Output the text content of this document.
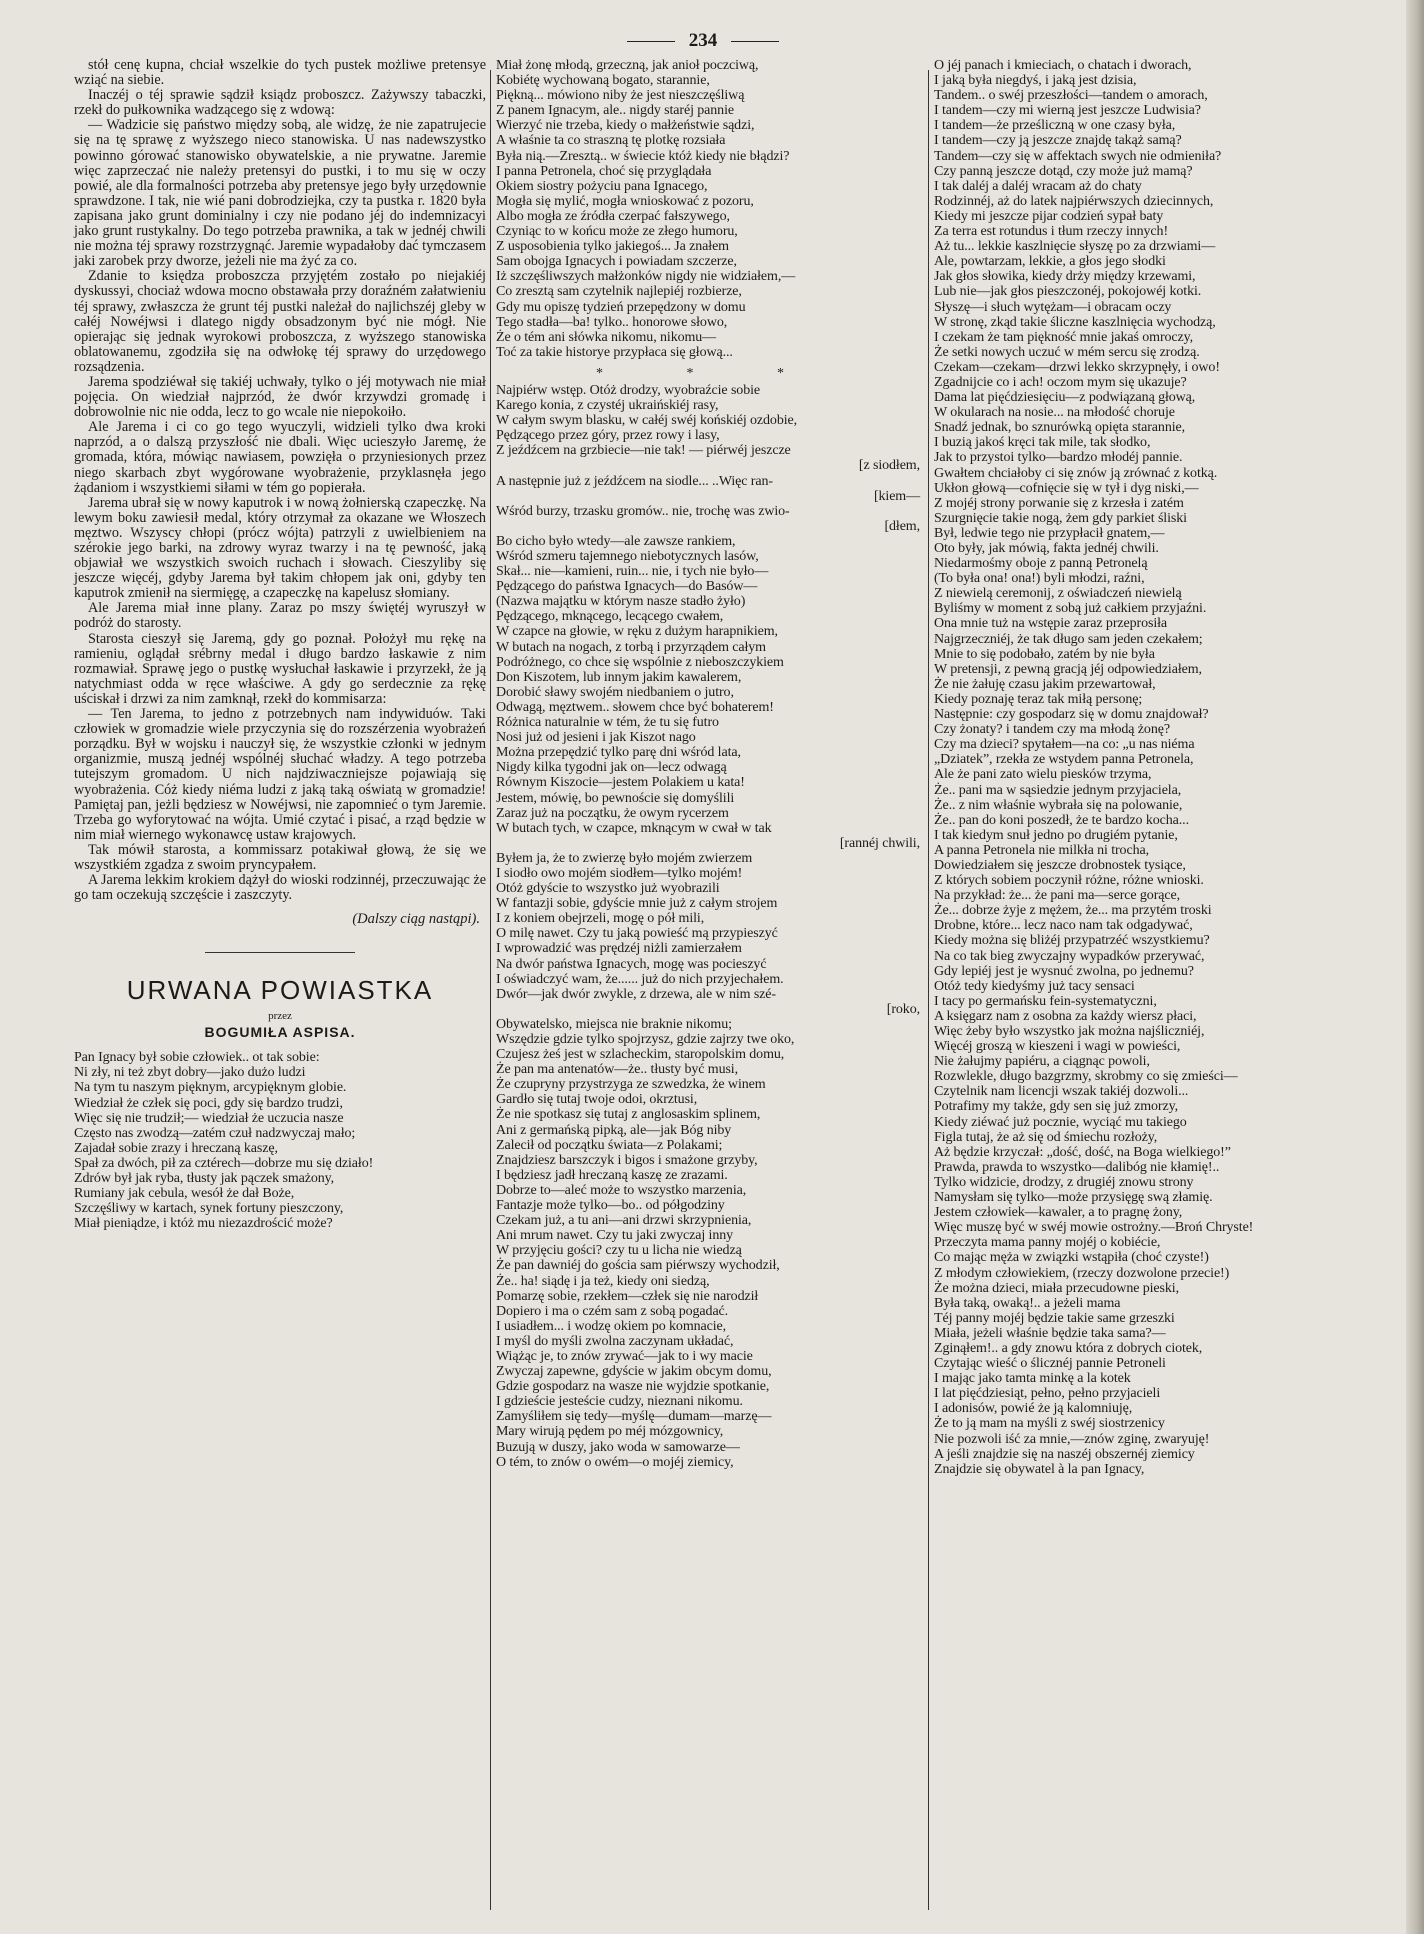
234

stół cenę kupna, chciał wszelkie do tych pustek możliwe pretensye wziąć na siebie.

Inaczéj o téj sprawie sądził ksiądz proboszcz. Zażywszy tabaczki, rzekł do pułkownika wadzącego się z wdową:

— Wadzicie się państwo między sobą, ale widzę, że nie zapatrujecie się na tę sprawę z wyższego nieco stanowiska. U nas nadewszystko powinno górować stanowisko obywatelskie, a nie prywatne. Jaremie więc zaprzeczać nie należy pretensyi do pustki, i to mu się w oczy powié, ale dla formalności potrzeba aby pretensye jego były urzędownie sprawdzone. I tak, nie wié pani dobrodziejka, czy ta pustka r. 1820 była zapisana jako grunt dominialny i czy nie podano jéj do indemnizacyi jako grunt rustykalny. Do tego potrzeba prawnika, a tak w jednéj chwili nie można téj sprawy rozstrzygnąć. Jaremie wypadałoby dać tymczasem jaki zarobek przy dworze, jeżeli nie ma żyć za co.

Zdanie to księdza proboszcza przyjętém zostało po niejakiéj dyskussyi, chociaż wdowa mocno obstawała przy doraźném załatwieniu téj sprawy, zwłaszcza że grunt téj pustki należał do najlichszéj gleby w całéj Nowéjwsi i dlatego nigdy obsadzonym być nie mógł. Nie opierając się jednak wyrokowi proboszcza, z wyższego stanowiska oblatowanemu, zgodziła się na odwłokę téj sprawy do urzędowego rozsądzenia.

Jarema spodziéwał się takiéj uchwały, tylko o jéj motywach nie miał pojęcia. On wiedział najprzód, że dwór krzywdzi gromadę i dobrowolnie nic nie odda, lecz to go wcale nie niepokoiło.

Ale Jarema i ci co go tego wyuczyli, widzieli tylko dwa kroki naprzód, a o dalszą przyszłość nie dbali. Więc ucieszyło Jaremę, że gromada, która, mówiąc nawiasem, powzięła o przyniesionych przez niego skarbach zbyt wygórowane wyobrażenie, przyklasnęła jego żądaniom i wszystkiemi siłami w tém go popierała.

Jarema ubrał się w nowy kaputrok i w nową żołnierską czapeczkę. Na lewym boku zawiesił medal, który otrzymał za okazane we Włoszech męztwo. Wszyscy chłopi (prócz wójta) patrzyli z uwielbieniem na szérokie jego barki, na zdrowy wyraz twarzy i na tę pewność, jaką objawiał we wszystkich swoich ruchach i słowach. Cieszyliby się jeszcze więcéj, gdyby Jarema był takim chłopem jak oni, gdyby ten kaputrok zmienił na siermięgę, a czapeczkę na kapelusz słomiany.

Ale Jarema miał inne plany. Zaraz po mszy świętéj wyruszył w podróż do starosty.

Starosta cieszył się Jaremą, gdy go poznał. Położył mu rękę na ramieniu, oglądał srébrny medal i długo bardzo łaskawie z nim rozmawiał. Sprawę jego o pustkę wysłuchał łaskawie i przyrzekł, że ją natychmiast odda w ręce właściwe. A gdy go serdecznie za rękę uściskał i drzwi za nim zamknął, rzekł do kommisarza:

— Ten Jarema, to jedno z potrzebnych nam indywiduów. Taki człowiek w gromadzie wiele przyczynia się do rozszérzenia wyobrażeń porządku. Był w wojsku i nauczył się, że wszystkie członki w jednym organizmie, muszą jednéj wspólnéj słuchać władzy. A tego potrzeba tutejszym gromadom. U nich najdziwaczniejsze pojawiają się wyobrażenia. Cóż kiedy niéma ludzi z jaką taką oświatą w gromadzie! Pamiętaj pan, jeżli będziesz w Nowéjwsi, nie zapomnieć o tym Jaremie. Trzeba go wyforytować na wójta. Umié czytać i pisać, a rząd będzie w nim miał wiernego wykonawcę ustaw krajowych.

Tak mówił starosta, a kommissarz potakiwał głową, że się we wszystkiém zgadza z swoim pryncypałem.

A Jarema lekkim krokiem dążył do wioski rodzinnéj, przeczuwając że go tam oczekują szczęście i zaszczyty.

(Dalszy ciąg nastąpi).
URWANA POWIASTKA
przez
BOGUMIŁA ASPISA.
Pan Ignacy był sobie człowiek.. ot tak sobie:
Ni zły, ni też zbyt dobry—jako dużo ludzi
Na tym tu naszym pięknym, arcypięknym globie.
Wiedział że człek się poci, gdy się bardzo trudzi,
Więc się nie trudził;— wiedział że uczucia nasze
Często nas zwodzą—zatém czuł nadzwyczaj mało;
Zajadał sobie zrazy i hreczaną kaszę,
Spał za dwóch, pił za cztérech—dobrze mu się działo!
Zdrów był jak ryba, tłusty jak pączek smażony,
Rumiany jak cebula, wesół że dał Boże,
Szczęśliwy w kartach, synek fortuny pieszczony,
Miał pieniądze, i któż mu niezazdrościć może?
Miał żonę młodą, grzeczną, jak anioł poczciwą,
Kobiétę wychowaną bogato, starannie,
Piękną... mówiono niby że jest nieszczęśliwą
Z panem Ignacym, ale.. nigdy staréj pannie
Wierzyć nie trzeba, kiedy o małżeństwie sądzi,
A właśnie ta co straszną tę plotkę rozsiała
Była nią.—Zresztą.. w świecie któż kiedy nie błądzi?
I panna Petronela, choć się przyglądała
Okiem siostry pożyciu pana Ignacego,
Mogła się mylić, mogła wnioskować z pozoru,
Albo mogła ze źródła czerpać fałszywego,
Czyniąc to w końcu może ze złego humoru,
Z usposobienia tylko jakiegoś... Ja znałem
Sam obojga Ignacych i powiadam szczerze,
Iż szczęśliwszych małżonków nigdy nie widziałem,—
Co zresztą sam czytelnik najlepiéj rozbierze,
Gdy mu opiszę tydzień przepędzony w domu
Tego stadła—ba! tylko.. honorowe słowo,
Że o tém ani słówka nikomu, nikomu—
Toć za takie historye przypłaca się głową...
* * *
Najpiérw wstęp. Otóż drodzy, wyobraźcie sobie
Karego konia, z czystéj ukraińskiéj rasy,
W całym swym blasku, w całéj swéj końskiéj ozdobie,
Pędzącego przez góry, przez rowy i lasy,
Z jeźdźcem na grzbiecie—nie tak! — piérwéj jeszcze
[z siodłem,
A następnie już z jeźdźcem na siodle... ..Więc ran-
[kiem—
Wśród burzy, trzasku gromów.. nie, trochę was zwio-
[dłem,
Bo cicho było wtedy—ale zawsze rankiem,
Wśród szmeru tajemnego niebotycznych lasów,
Skał... nie—kamieni, ruin... nie, i tych nie było—
Pędzącego do państwa Ignacych—do Basów—
(Nazwa majątku w którym nasze stadło żyło)
Pędzącego, mknącego, lecącego cwałem,
W czapce na głowie, w ręku z dużym harapnikiem,
W butach na nogach, z torbą i przyrządem całym
Podróżnego, co chce się wspólnie z nieboszczykiem
Don Kiszotem, lub innym jakim kawalerem,
Dorobić sławy swojém niedbaniem o jutro,
Odwagą, męztwem.. słowem chce być bohaterem!
Różnica naturalnie w tém, że tu się futro
Nosi już od jesieni i jak Kiszot nago
Można przepędzić tylko parę dni wśród lata,
Nigdy kilka tygodni jak on—lecz odwagą
Równym Kiszocie—jestem Polakiem u kata!
Jestem, mówię, bo pewnoście się domyślili
Zaraz już na początku, że owym rycerzem
W butach tych, w czapce, mknącym w cwał w tak
[rannéj chwili,
Byłem ja, że to zwierzę było mojém zwierzem
I siodło owo mojém siodłem—tylko mojém!
Otóż gdyście to wszystko już wyobrazili
W fantazji sobie, gdyście mnie już z całym strojem
I z koniem obejrzeli, mogę o pół mili,
O milę nawet. Czy tu jaką powieść mą przypieszyć
I wprowadzić was prędzéj niżli zamierzałem
Na dwór państwa Ignacych, mogę was pocieszyć
I oświadczyć wam, że...... już do nich przyjechałem.
Dwór—jak dwór zwykle, z drzewa, ale w nim szé-
[roko,
Obywatelsko, miejsca nie braknie nikomu;
Wszędzie gdzie tylko spojrzysz, gdzie zajrzy twe oko,
Czujesz żeś jest w szlacheckim, staropolskim domu,
Że pan ma antenatów—że.. tłusty być musi,
Że czupryny przystrzyga ze szwedzka, że winem
Gardło się tutaj twoje odoi, okrztusi,
Że nie spotkasz się tutaj z anglosaskim splinem,
Ani z germańską pipką, ale—jak Bóg niby
Zalecił od początku świata—z Polakami;
Znajdziesz barszczyk i bigos i smażone grzyby,
I będziesz jadł hreczaną kaszę ze zrazami.
Dobrze to—aleć może to wszystko marzenia,
Fantazje może tylko—bo.. od półgodziny
Czekam już, a tu ani—ani drzwi skrzypnienia,
Ani mrum nawet. Czy tu jaki zwyczaj inny
W przyjęciu gości? czy tu u licha nie wiedzą
Że pan dawniéj do gościa sam piérwszy wychodził,
Że.. ha! siądę i ja też, kiedy oni siedzą,
Pomarzę sobie, rzekłem—człek się nie narodził
Dopiero i ma o czém sam z sobą pogadać.
I usiadłem... i wodzę okiem po komnacie,
I myśl do myśli zwolna zaczynam układać,
Wiążąc je, to znów zrywać—jak to i wy macie
Zwyczaj zapewne, gdyście w jakim obcym domu,
Gdzie gospodarz na wasze nie wyjdzie spotkanie,
I gdzieście jesteście cudzy, nieznani nikomu.
Zamyśliłem się tedy—myślę—dumam—marzę—
Mary wirują pędem po méj mózgownicy,
Buzują w duszy, jako woda w samowarze—
O tém, to znów o owém—o mojéj ziemicy,
O jéj panach i kmieciach, o chatach i dworach,
I jaką była niegdyś, i jaką jest dzisia,
Tandem.. o swéj przeszłości—tandem o amorach,
I tandem—czy mi wierną jest jeszcze Ludwisia?
I tandem—że prześliczną w one czasy była,
I tandem—czy ją jeszcze znajdę takąż samą?
Tandem—czy się w affektach swych nie odmieniła?
Czy panną jeszcze dotąd, czy może już mamą?
I tak daléj a daléj wracam aż do chaty
Rodzinnéj, aż do latek najpiérwszych dziecinnych,
Kiedy mi jeszcze pijar codzień sypał baty
Za terra est rotundus i tłum rzeczy innych!
Aż tu... lekkie kaszlnięcie słyszę po za drzwiami—
Ale, powtarzam, lekkie, a głos jego słodki
Jak głos słowika, kiedy drży między krzewami,
Lub nie—jak głos pieszczonéj, pokojowéj kotki.
Słyszę—i słuch wytężam—i obracam oczy
W stronę, zkąd takie śliczne kaszlnięcia wychodzą,
I czekam że tam piękność mnie jakaś omroczy,
Że setki nowych uczuć w mém sercu się zrodzą.
Czekam—czekam—drzwi lekko skrzypnęły, i owo!
Zgadnijcie co i ach! oczom mym się ukazuje?
Dama lat pięćdziesięciu—z podwiązaną głową,
W okularach na nosie... na młodość choruje
Snadź jednak, bo sznurówką opięta starannie,
I buzią jakoś kręci tak mile, tak słodko,
Jak to przystoi tylko—bardzo młodéj pannie.
Gwałtem chciałoby ci się znów ją zrównać z kotką.
Ukłon głową—cofnięcie się w tył i dyg niski,—
Z mojéj strony porwanie się z krzesła i zatém
Szurgnięcie takie nogą, żem gdy parkiet śliski
Był, ledwie tego nie przypłacił gnatem,—
Oto były, jak mówią, fakta jednéj chwili.
Niedarmośmy oboje z panną Petronelą
(To była ona! ona!) byli młodzi, raźni,
Z niewielą ceremonij, z oświadczeń niewielą
Byliśmy w moment z sobą już całkiem przyjaźni.
Ona mnie tuż na wstępie zaraz przeprosiła
Najgrzeczniéj, że tak długo sam jeden czekałem;
Mnie to się podobało, zatém by nie była
W pretensji, z pewną gracją jéj odpowiedziałem,
Że nie żałuję czasu jakim przewartował,
Kiedy poznaję teraz tak miłą personę;
Następnie: czy gospodarz się w domu znajdował?
Czy żonaty? i tandem czy ma młodą żonę?
Czy ma dzieci? spytałem—na co: „u nas niéma
„Dziatek”, rzekła ze wstydem panna Petronela,
Ale że pani zato wielu piesków trzyma,
Że.. pani ma w sąsiedzie jednym przyjaciela,
Że.. z nim właśnie wybrała się na polowanie,
Że.. pan do koni poszedł, że te bardzo kocha...
I tak kiedym snuł jedno po drugiém pytanie,
A panna Petronela nie milkła ni trocha,
Dowiedziałem się jeszcze drobnostek tysiące,
Z których sobiem poczynił różne, różne wnioski.
Na przykład: że... że pani ma—serce gorące,
Że... dobrze żyje z mężem, że... ma przytém troski
Drobne, które... lecz naco nam tak odgadywać,
Kiedy można się bliżéj przypatrzéć wszystkiemu?
Na co tak bieg zwyczajny wypadków przerywać,
Gdy lepiéj jest je wysnuć zwolna, po jednemu?
Otóż tedy kiedyśmy już tacy sensaci
I tacy po germańsku fein-systematyczni,
A księgarz nam z osobna za każdy wiersz płaci,
Więc żeby było wszystko jak można najśliczniéj,
Więcéj groszą w kieszeni i wagi w powieści,
Nie żałujmy papiéru, a ciągnąc powoli,
Rozwlekle, długo bazgrzmy, skrobmy co się zmieści—
Czytelnik nam licencji wszak takiéj dozwoli...
Potrafimy my także, gdy sen się już zmorzy,
Kiedy ziéwać już pocznie, wyciąć mu takiego
Figla tutaj, że aż się od śmiechu rozłoży,
Aż będzie krzyczał: „dość, dość, na Boga wielkiego!”
Prawda, prawda to wszystko—dalibóg nie kłamię!..
Tylko widzicie, drodzy, z drugiéj znowu strony
Namysłam się tylko—może przysięgę swą złamię.
Jestem człowiek—kawaler, a to pragnę żony,
Więc muszę być w swéj mowie ostrożny.—Broń Chryste!
Przeczyta mama panny mojéj o kobiécie,
Co mając męża w związki wstąpiła (choć czyste!)
Z młodym człowiekiem, (rzeczy dozwolone przecie!)
Że można dzieci, miała przecudowne pieski,
Była taką, owaką!.. a jeżeli mama
Téj panny mojéj będzie takie same grzeszki
Miała, jeżeli właśnie będzie taka sama?—
Zginąłem!.. a gdy znowu która z dobrych ciotek,
Czytając wieść o ślicznéj pannie Petroneli
I mając jako tamta minkę a la kotek
I lat pięćdziesiąt, pełno, pełno przyjacieli
I adonisów, powié że ją kalomniuję,
Że to ją mam na myśli z swéj siostrzenicy
Nie pozwoli iść za mnie,—znów zginę, zwaryuję!
A jeśli znajdzie się na naszéj obszernéj ziemicy
Znajdzie się obywatel à la pan Ignacy,
